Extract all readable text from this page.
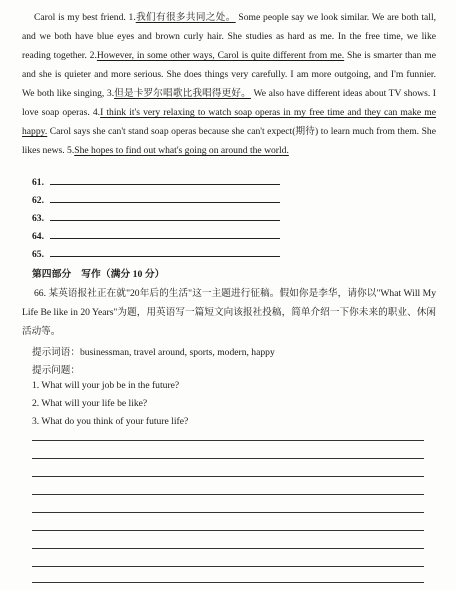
Carol is my best friend. 1.我们有很多共同之处。 Some people say we look similar. We are both tall, and we both have blue eyes and brown curly hair. She studies as hard as me. In the free time, we like reading together. 2.However, in some other ways, Carol is quite different from me. She is smarter than me and she is quieter and more serious. She does things very carefully. I am more outgoing, and I'm funnier. We both like singing, 3.但是卡罗尔唱歌比我唱得更好。 We also have different ideas about TV shows. I love soap operas. 4.I think it's very relaxing to watch soap operas in my free time and they can make me happy. Carol says she can't stand soap operas because she can't expect(期待) to learn much from them. She likes news. 5.She hopes to find out what's going on around the world.
61.
62.
63.
64.
65.
第四部分 写作（满分 10 分）
66. 某英语报社正在就"20年后的生活"这一主题进行征稿。假如你是李华，请你以"What Will My Life Be like in 20 Years"为题，用英语写一篇短文向该报社投稿，简单介绍一下你未来的职业、休闲活动等。
提示词语：businessman, travel around, sports, modern, happy
提示问题：
1. What will your job be in the future?
2. What will your life be like?
3. What do you think of your future life?
